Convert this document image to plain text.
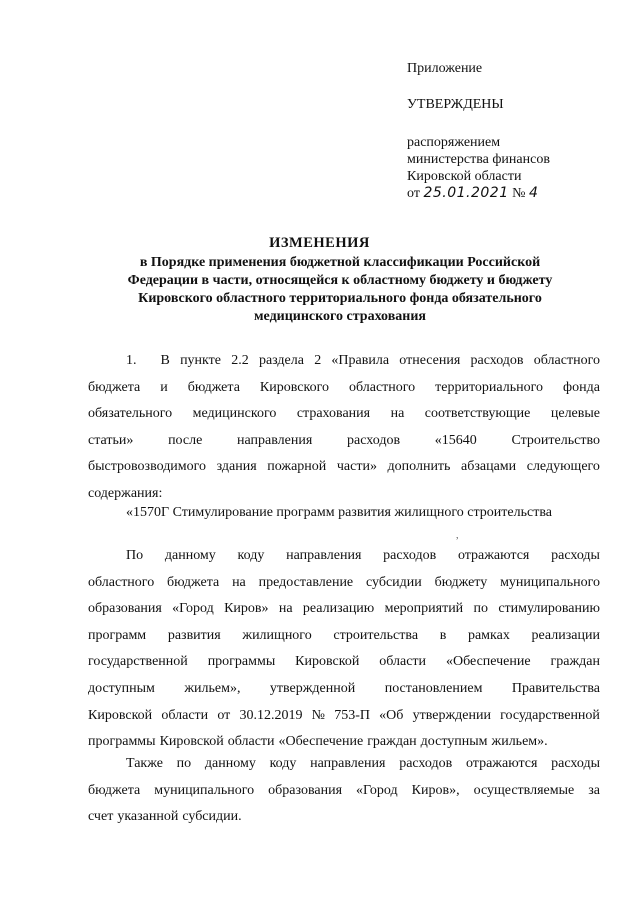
Приложение
УТВЕРЖДЕНЫ
распоряжением
министерства финансов
Кировской области
от 25.01.2021 № 4
ИЗМЕНЕНИЯ
в Порядке применения бюджетной классификации Российской
Федерации в части, относящейся к областному бюджету и бюджету
Кировского областного территориального фонда обязательного
медицинского страхования
1. В пункте 2.2 раздела 2 «Правила отнесения расходов областного
бюджета и бюджета Кировского областного территориального фонда
обязательного медицинского страхования на соответствующие целевые
статьи» после направления расходов «15640 Строительство
быстровозводимого здания пожарной части» дополнить абзацами следующего
содержания:
«1570Г Стимулирование программ развития жилищного строительства
,
По данному коду направления расходов отражаются расходы
областного бюджета на предоставление субсидии бюджету муниципального
образования «Город Киров» на реализацию мероприятий по стимулированию
программ развития жилищного строительства в рамках реализации
государственной программы Кировской области «Обеспечение граждан
доступным жильем», утвержденной постановлением Правительства
Кировской области от 30.12.2019 № 753-П «Об утверждении государственной
программы Кировской области «Обеспечение граждан доступным жильем».
Также по данному коду направления расходов отражаются расходы
бюджета муниципального образования «Город Киров», осуществляемые за
счет указанной субсидии.
